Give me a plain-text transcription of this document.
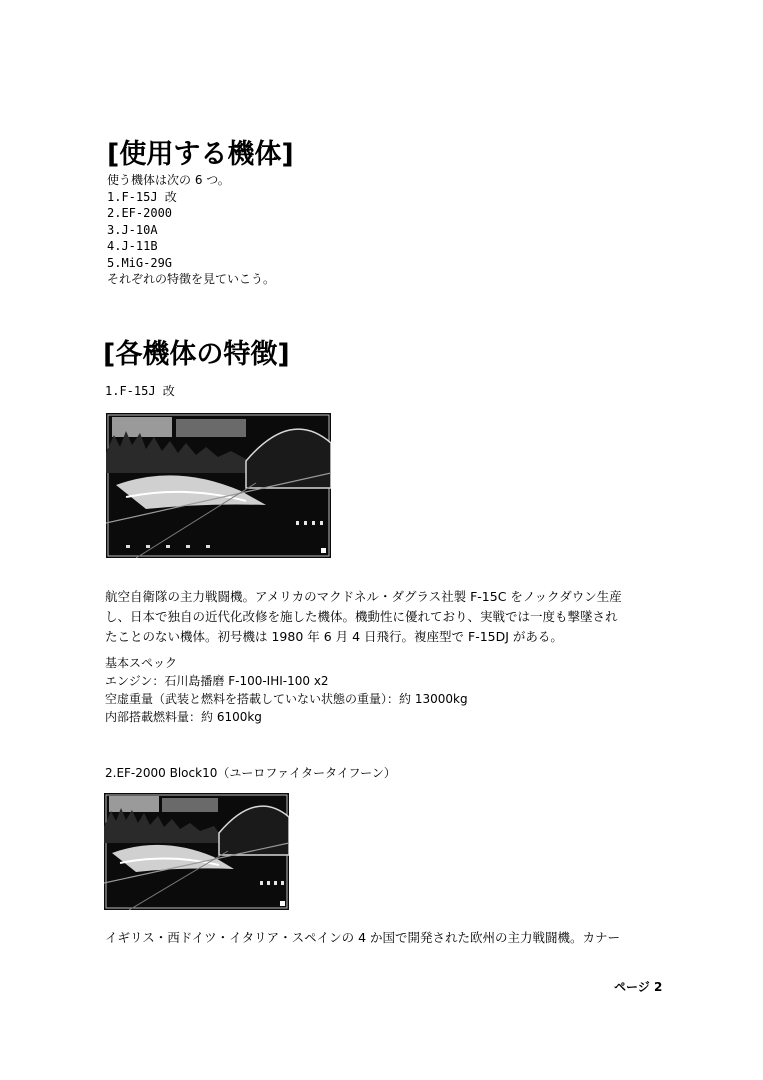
[使用する機体]
使う機体は次の 6 つ。
1.F-15J 改
2.EF-2000
3.J-10A
4.J-11B
5.MiG-29G
それぞれの特徴を見ていこう。
[各機体の特徴]
1.F-15J 改
航空自衛隊の主力戦闘機。アメリカのマクドネル・ダグラス社製 F-15C をノックダウン生産
し、日本で独自の近代化改修を施した機体。機動性に優れており、実戦では一度も撃墜され
たことのない機体。初号機は 1980 年 6 月 4 日飛行。複座型で F-15DJ がある。
基本スペック
エンジン：石川島播磨 F-100-IHI-100 x2
空虚重量（武装と燃料を搭載していない状態の重量）：約 13000kg
内部搭載燃料量：約 6100kg
2.EF-2000 Block10（ユーロファイタータイフーン）
イギリス・西ドイツ・イタリア・スペインの 4 か国で開発された欧州の主力戦闘機。カナー
ページ 2
